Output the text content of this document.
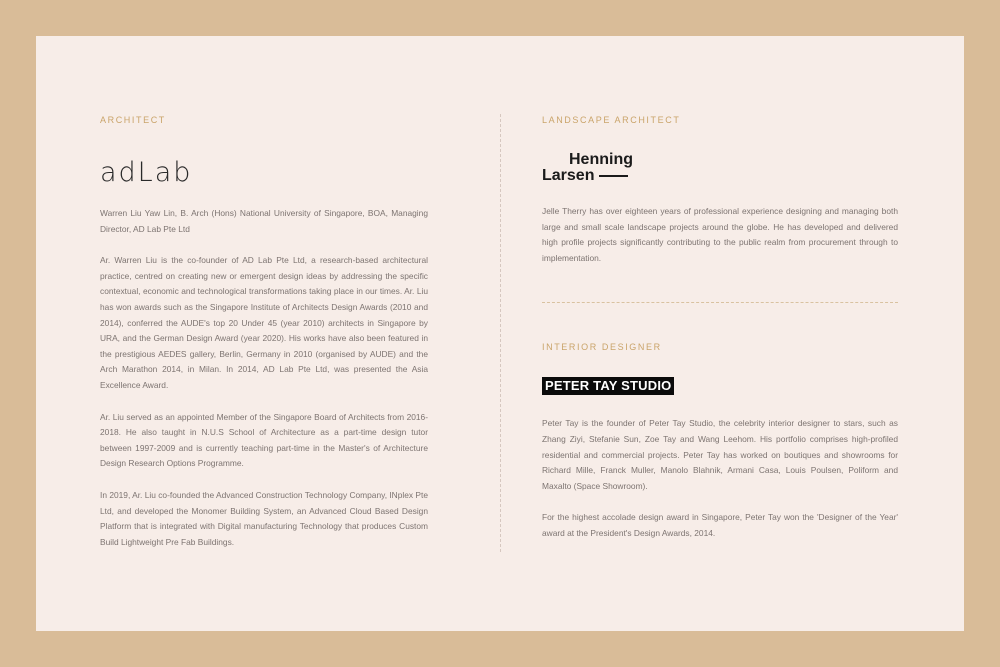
ARCHITECT
adLab

Warren Liu Yaw Lin, B. Arch (Hons) National University of Singapore, BOA, Managing Director, AD Lab Pte Ltd

Ar. Warren Liu is the co-founder of AD Lab Pte Ltd, a research-based architectural practice, centred on creating new or emergent design ideas by addressing the specific contextual, economic and technological transformations taking place in our times. Ar. Liu has won awards such as the Singapore Institute of Architects Design Awards (2010 and 2014), conferred the AUDE's top 20 Under 45 (year 2010) architects in Singapore by URA, and the German Design Award (year 2020). His works have also been featured in the prestigious AEDES gallery, Berlin, Germany in 2010 (organised by AUDE) and the Arch Marathon 2014, in Milan. In 2014, AD Lab Pte Ltd, was presented the Asia Excellence Award.

Ar. Liu served as an appointed Member of the Singapore Board of Architects from 2016-2018. He also taught in N.U.S School of Architecture as a part-time design tutor between 1997-2009 and is currently teaching part-time in the Master's of Architecture Design Research Options Programme.

In 2019, Ar. Liu co-founded the Advanced Construction Technology Company, INplex Pte Ltd, and developed the Monomer Building System, an Advanced Cloud Based Design Platform that is integrated with Digital manufacturing Technology that produces Custom Build Lightweight Pre Fab Buildings.

LANDSCAPE ARCHITECT
Henning
Larsen

Jelle Therry has over eighteen years of professional experience designing and managing both large and small scale landscape projects around the globe. He has developed and delivered high profile projects significantly contributing to the public realm from procurement through to implementation.

INTERIOR DESIGNER
PETER TAY STUDIO

Peter Tay is the founder of Peter Tay Studio, the celebrity interior designer to stars, such as Zhang Ziyi, Stefanie Sun, Zoe Tay and Wang Leehom. His portfolio comprises high-profiled residential and commercial projects. Peter Tay has worked on boutiques and showrooms for Richard Mille, Franck Muller, Manolo Blahnik, Armani Casa, Louis Poulsen, Poliform and Maxalto (Space Showroom).

For the highest accolade design award in Singapore, Peter Tay won the 'Designer of the Year' award at the President's Design Awards, 2014.
